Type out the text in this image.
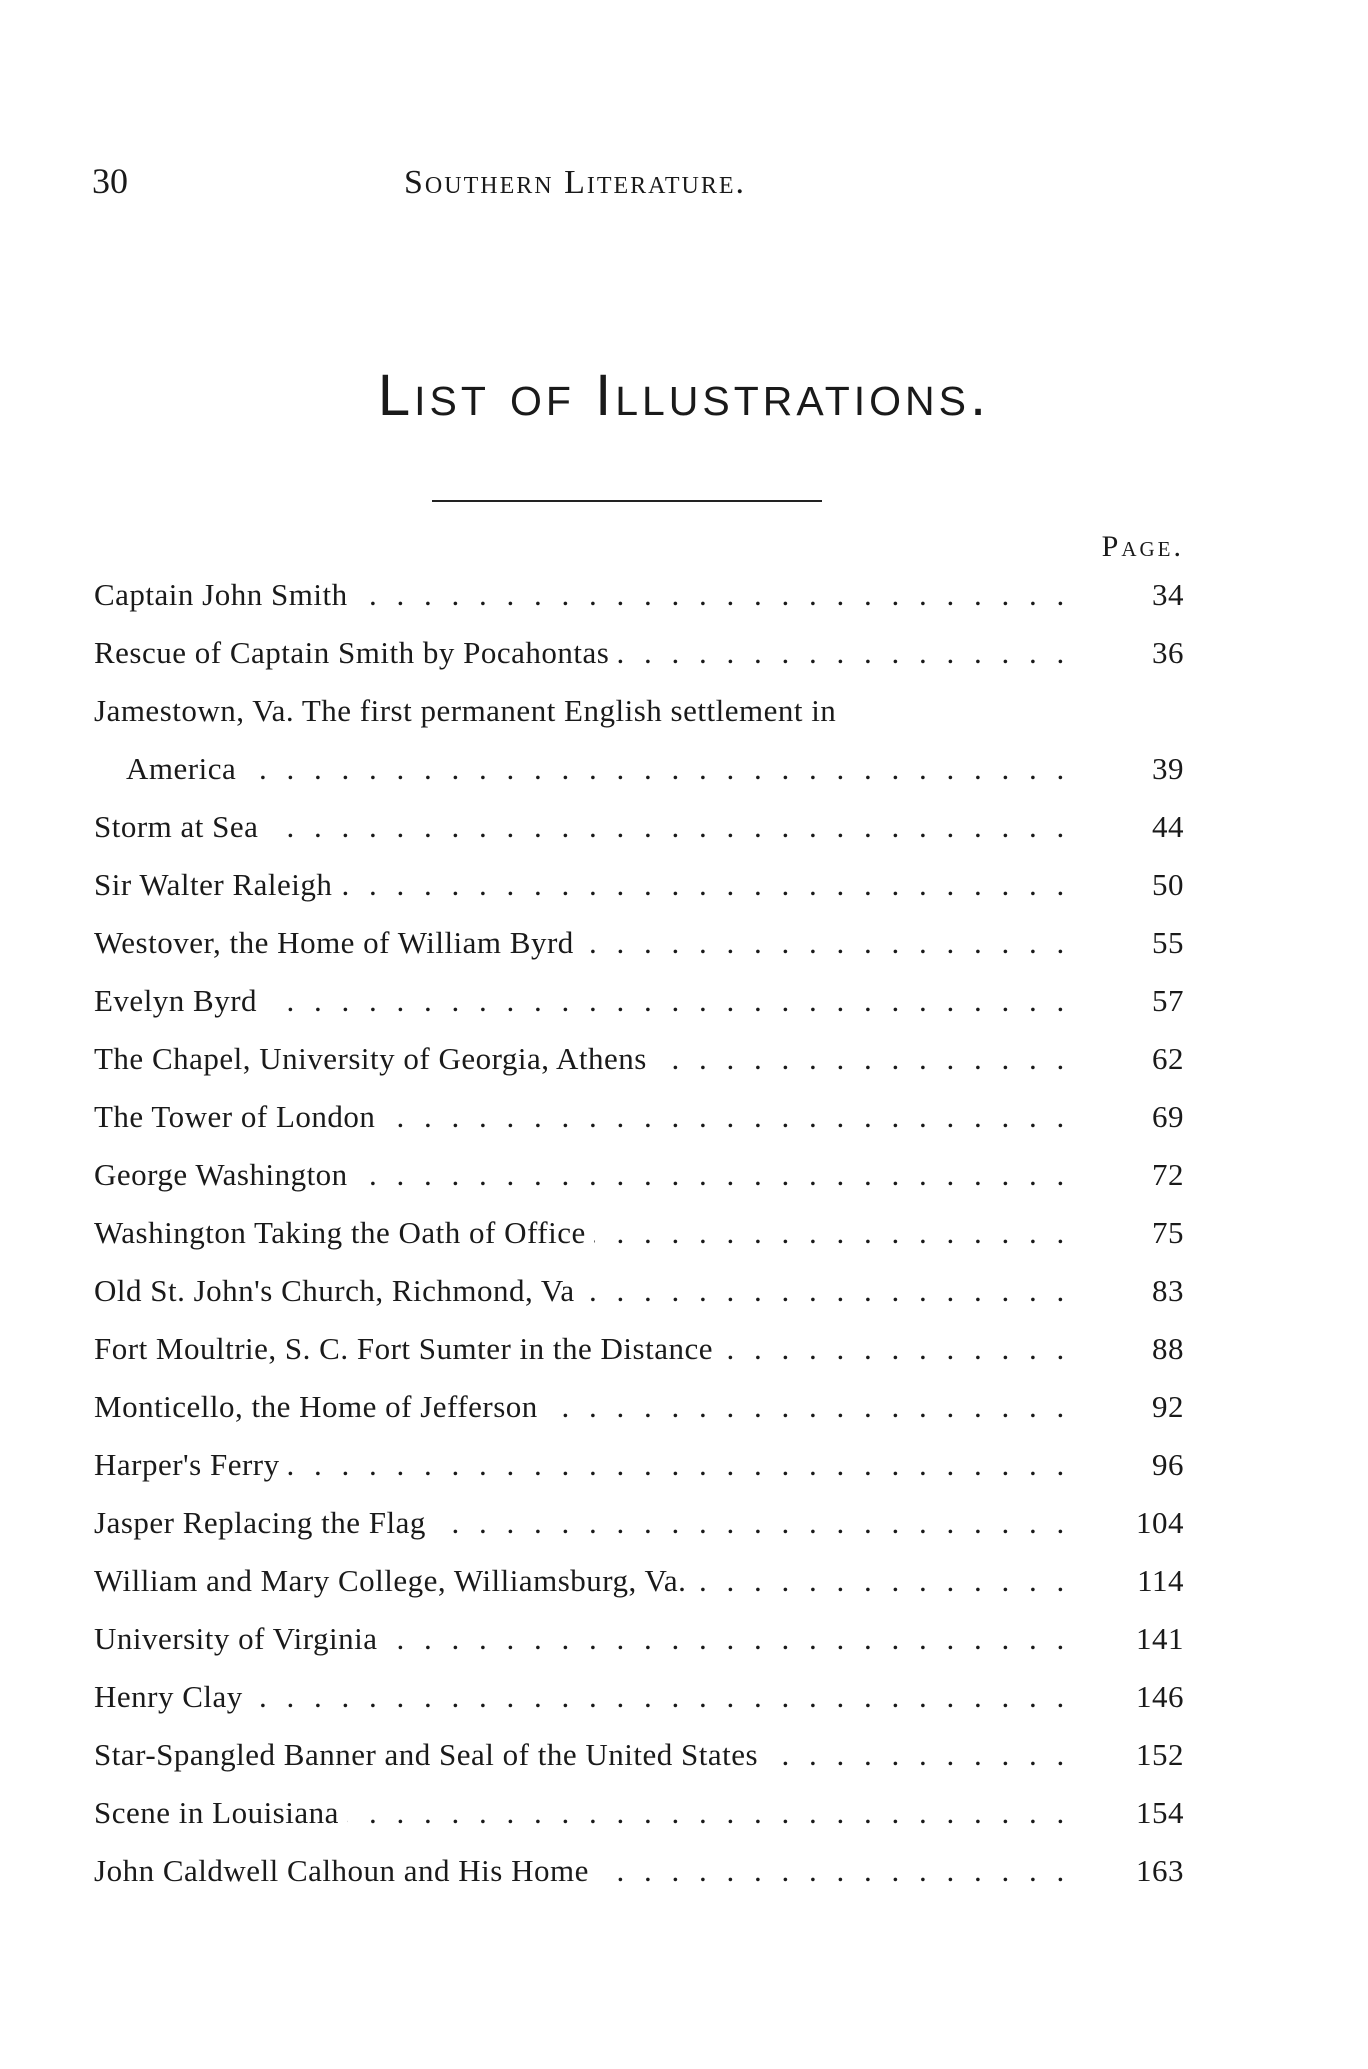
30	Southern Literature.
List of Illustrations.
Page.
Captain John Smith . . .	34
Rescue of Captain Smith by Pocahontas . . .	36
Jamestown, Va. The first permanent English settlement in
America . . .	39
Storm at Sea . . .	44
Sir Walter Raleigh . . .	50
Westover, the Home of William Byrd . . .	55
Evelyn Byrd . . .	57
The Chapel, University of Georgia, Athens . . .	62
The Tower of London . . .	69
George Washington . . .	72
Washington Taking the Oath of Office . . .	75
Old St. John's Church, Richmond, Va . . .	83
Fort Moultrie, S. C. Fort Sumter in the Distance . . .	88
Monticello, the Home of Jefferson . . .	92
Harper's Ferry . . .	96
Jasper Replacing the Flag . . .	104
William and Mary College, Williamsburg, Va. . . .	114
University of Virginia . . .	141
Henry Clay . . .	146
Star-Spangled Banner and Seal of the United States . . .	152
Scene in Louisiana . . .	154
John Caldwell Calhoun and His Home . . .	163
